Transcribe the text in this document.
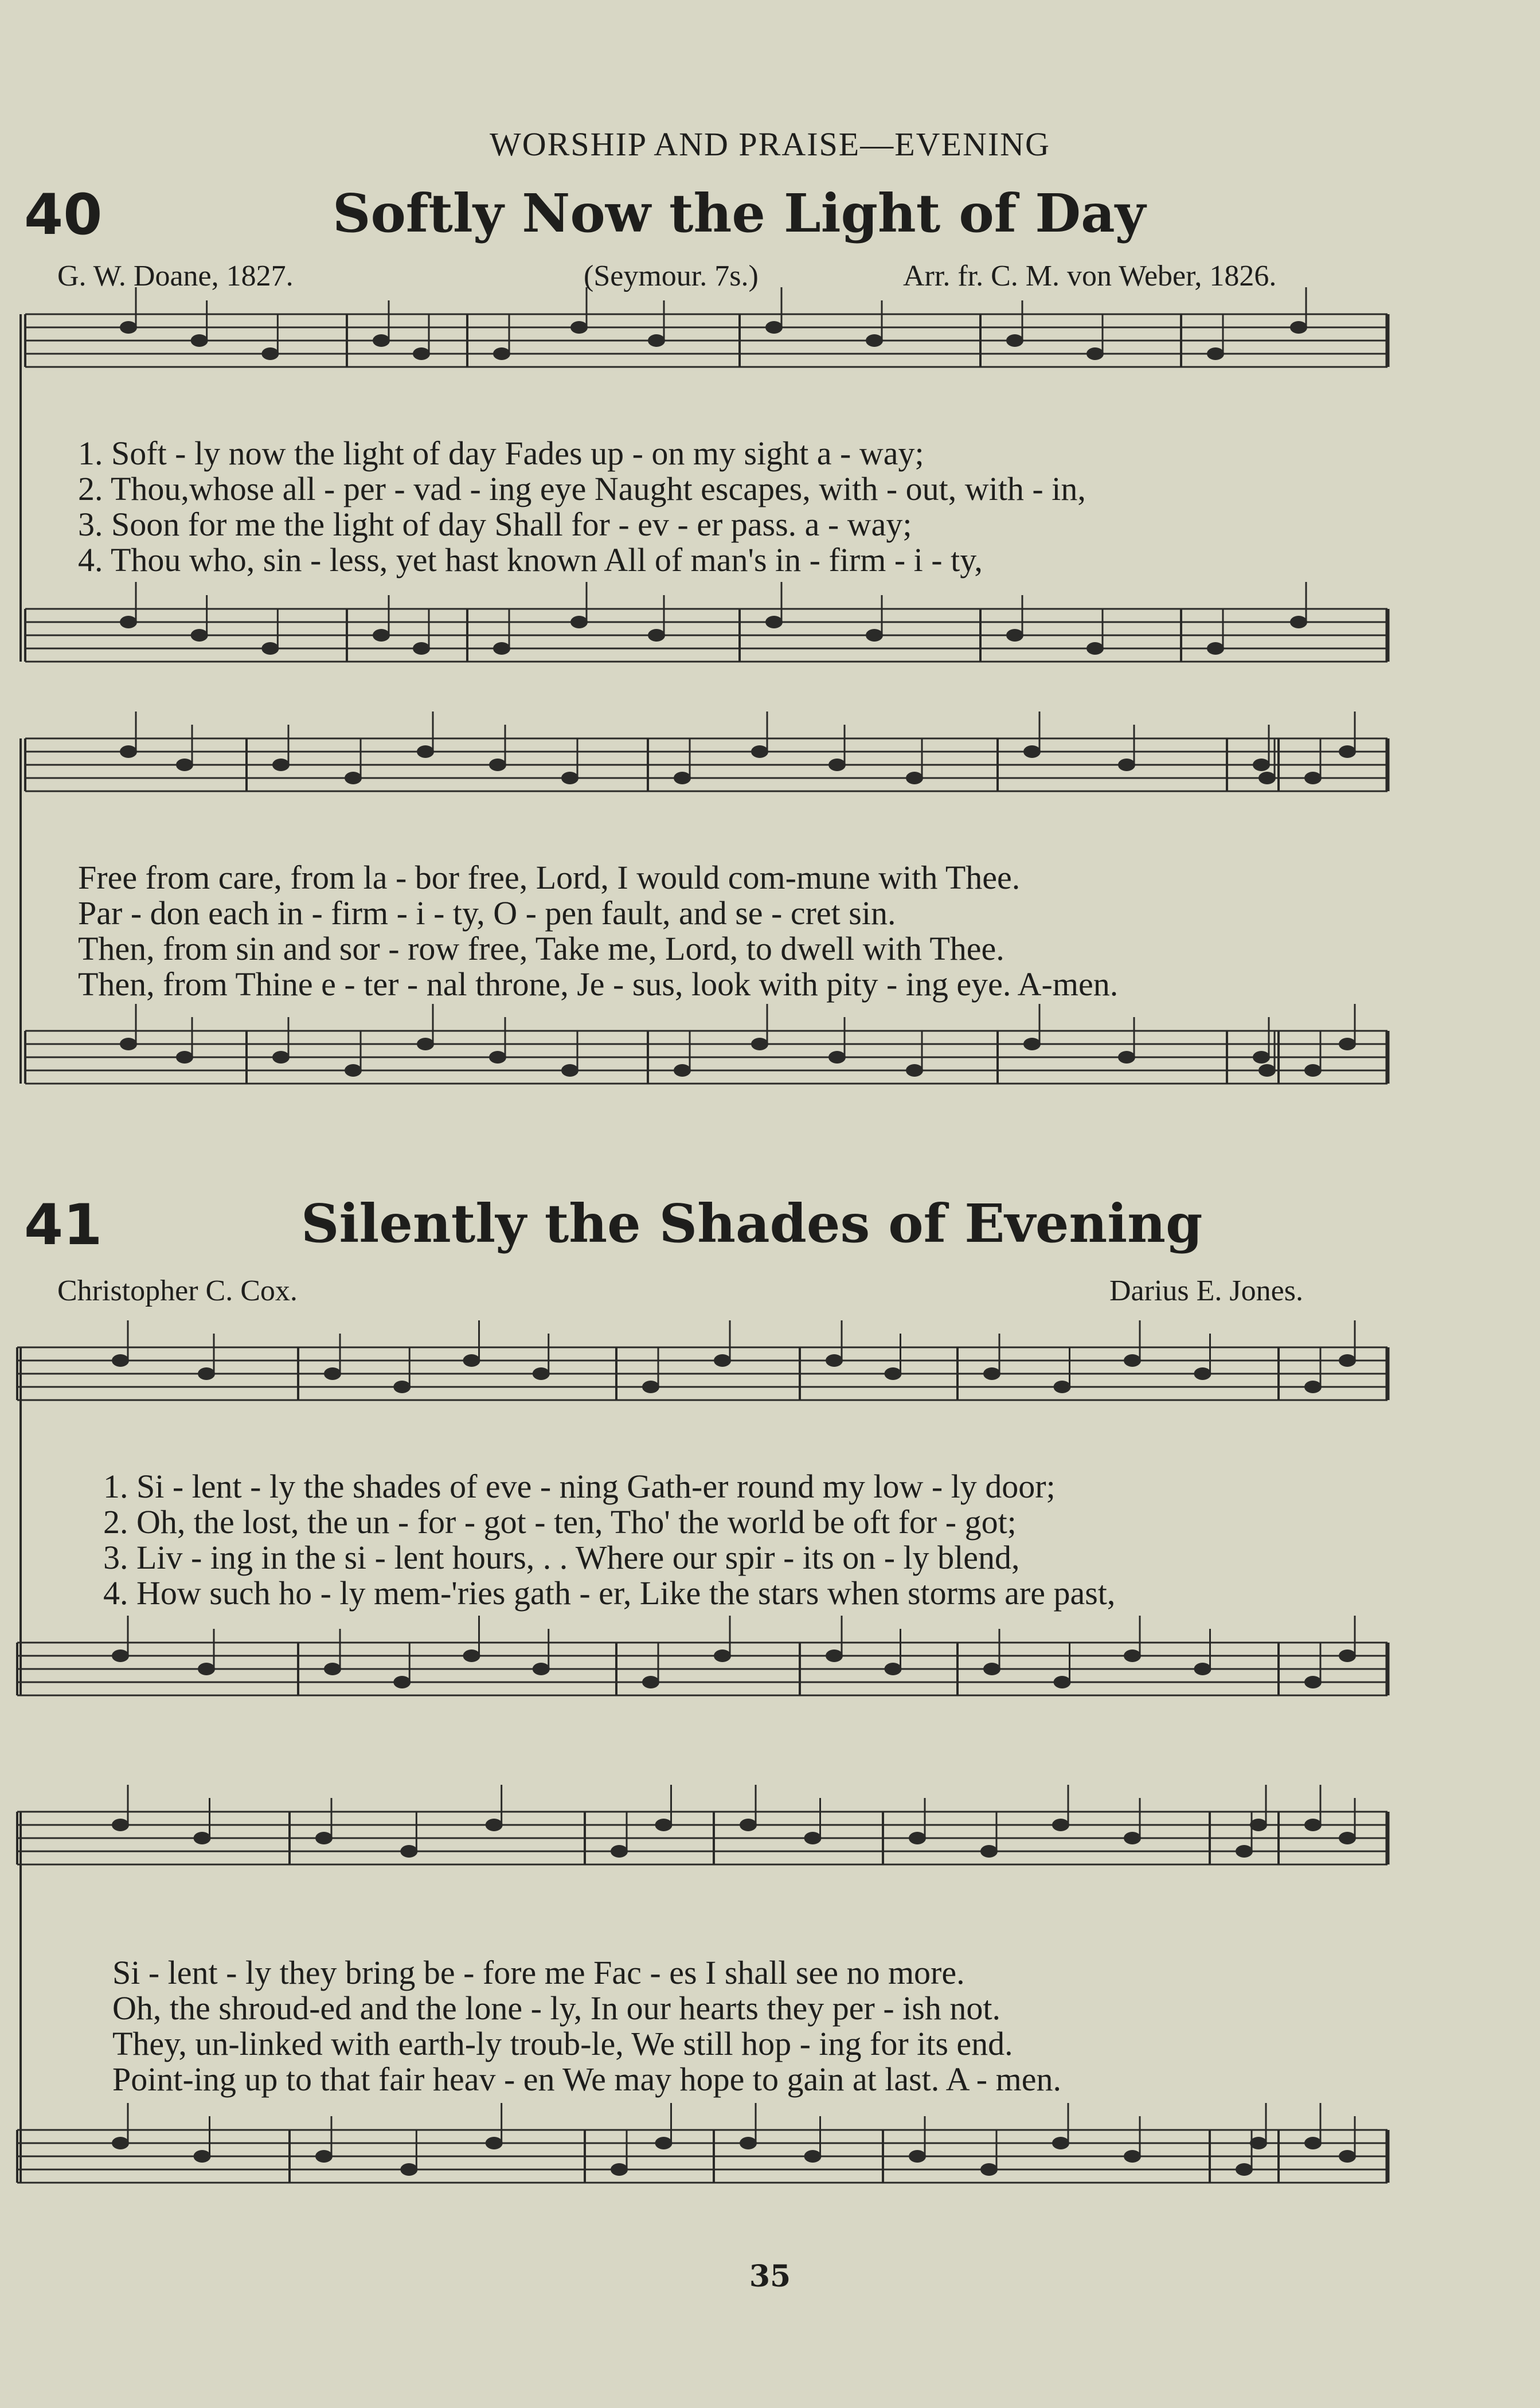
WORSHIP AND PRAISE—EVENING
40	Softly Now the Light of Day
G. W. Doane, 1827.	(Seymour. 7s.)	Arr. fr. C. M. von Weber, 1826.
1. Soft - ly now the light of day Fades up - on my sight a - way;
2. Thou,whose all - per - vad - ing eye Naught escapes, with - out, with - in,
3. Soon for me the light of day Shall for - ev - er pass. a - way;
4. Thou who, sin - less, yet hast known All of man's in - firm - i - ty,
Free from care, from la - bor free, Lord, I would com-mune with Thee.
Par - don each in - firm - i - ty, O - pen fault, and se - cret sin.
Then, from sin and sor - row free, Take me, Lord, to dwell with Thee.
Then, from Thine e - ter - nal throne, Je - sus, look with pity - ing eye. A-men.
41	Silently the Shades of Evening
Christopher C. Cox.	Darius E. Jones.
1. Si - lent - ly the shades of eve - ning Gath-er round my low - ly door;
2. Oh, the lost, the un - for - got - ten, Tho' the world be oft for - got;
3. Liv - ing in the si - lent hours, . . Where our spir - its on - ly blend,
4. How such ho - ly mem-'ries gath - er, Like the stars when storms are past,
Si - lent - ly they bring be - fore me Fac - es I shall see no more.
Oh, the shroud-ed and the lone - ly, In our hearts they per - ish not.
They, un-linked with earth-ly troub-le, We still hop - ing for its end.
Point-ing up to that fair heav - en We may hope to gain at last. A - men.
35
